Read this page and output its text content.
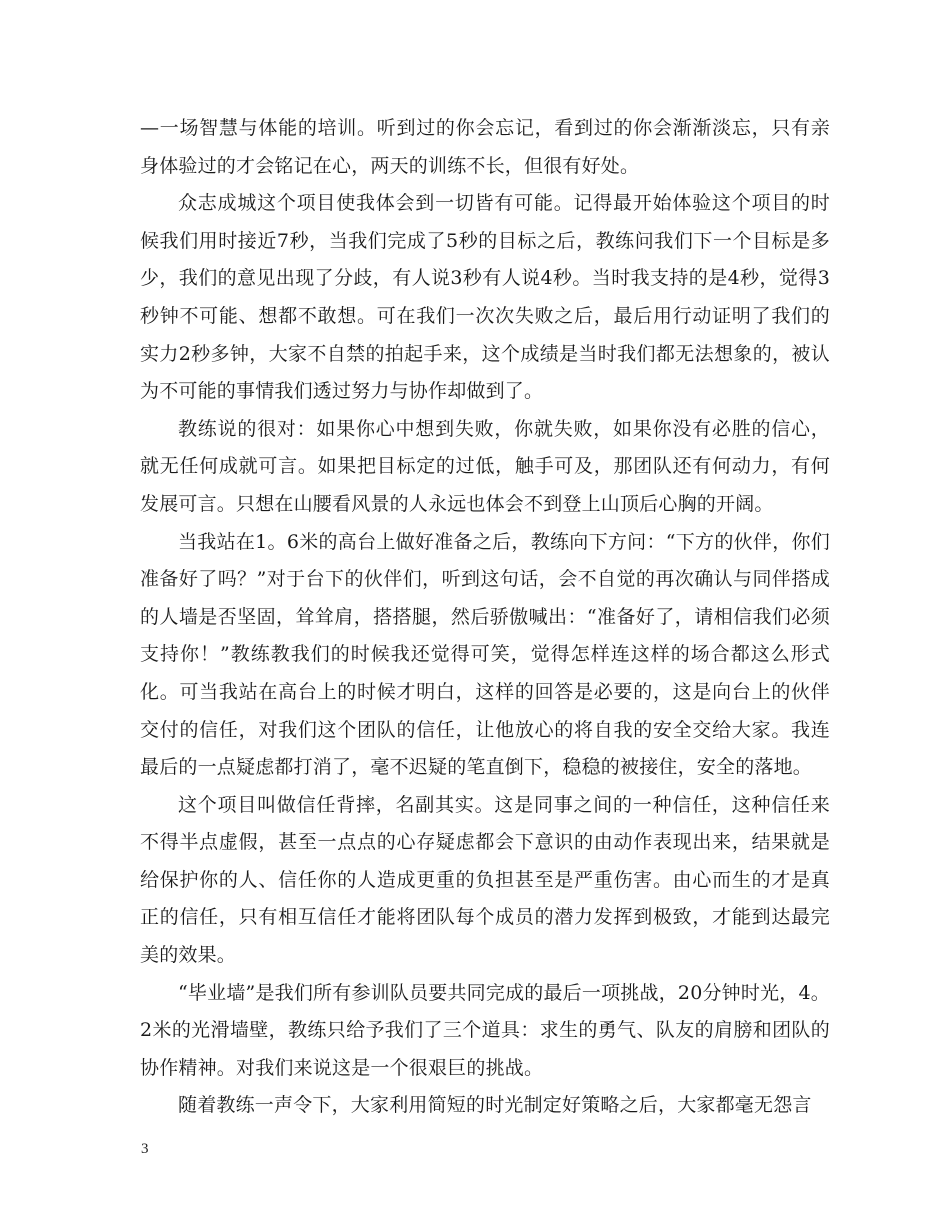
—一场智慧与体能的培训。听到过的你会忘记，看到过的你会渐渐淡忘，只有亲身体验过的才会铭记在心，两天的训练不长，但很有好处。

众志成城这个项目使我体会到一切皆有可能。记得最开始体验这个项目的时候我们用时接近7秒，当我们完成了5秒的目标之后，教练问我们下一个目标是多少，我们的意见出现了分歧，有人说3秒有人说4秒。当时我支持的是4秒，觉得3秒钟不可能、想都不敢想。可在我们一次次失败之后，最后用行动证明了我们的实力2秒多钟，大家不自禁的拍起手来，这个成绩是当时我们都无法想象的，被认为不可能的事情我们透过努力与协作却做到了。

教练说的很对：如果你心中想到失败，你就失败，如果你没有必胜的信心，就无任何成就可言。如果把目标定的过低，触手可及，那团队还有何动力，有何发展可言。只想在山腰看风景的人永远也体会不到登上山顶后心胸的开阔。

当我站在1。6米的高台上做好准备之后，教练向下方问：“下方的伙伴，你们准备好了吗？”对于台下的伙伴们，听到这句话，会不自觉的再次确认与同伴搭成的人墙是否坚固，耸耸肩，搭搭腿，然后骄傲喊出：“准备好了，请相信我们必须支持你！”教练教我们的时候我还觉得可笑，觉得怎样连这样的场合都这么形式化。可当我站在高台上的时候才明白，这样的回答是必要的，这是向台上的伙伴交付的信任，对我们这个团队的信任，让他放心的将自我的安全交给大家。我连最后的一点疑虑都打消了，毫不迟疑的笔直倒下，稳稳的被接住，安全的落地。

这个项目叫做信任背摔，名副其实。这是同事之间的一种信任，这种信任来不得半点虚假，甚至一点点的心存疑虑都会下意识的由动作表现出来，结果就是给保护你的人、信任你的人造成更重的负担甚至是严重伤害。由心而生的才是真正的信任，只有相互信任才能将团队每个成员的潜力发挥到极致，才能到达最完美的效果。

“毕业墙”是我们所有参训队员要共同完成的最后一项挑战，20分钟时光，4。2米的光滑墙壁，教练只给予我们了三个道具：求生的勇气、队友的肩膀和团队的协作精神。对我们来说这是一个很艰巨的挑战。

随着教练一声令下，大家利用简短的时光制定好策略之后，大家都毫无怨言

3
